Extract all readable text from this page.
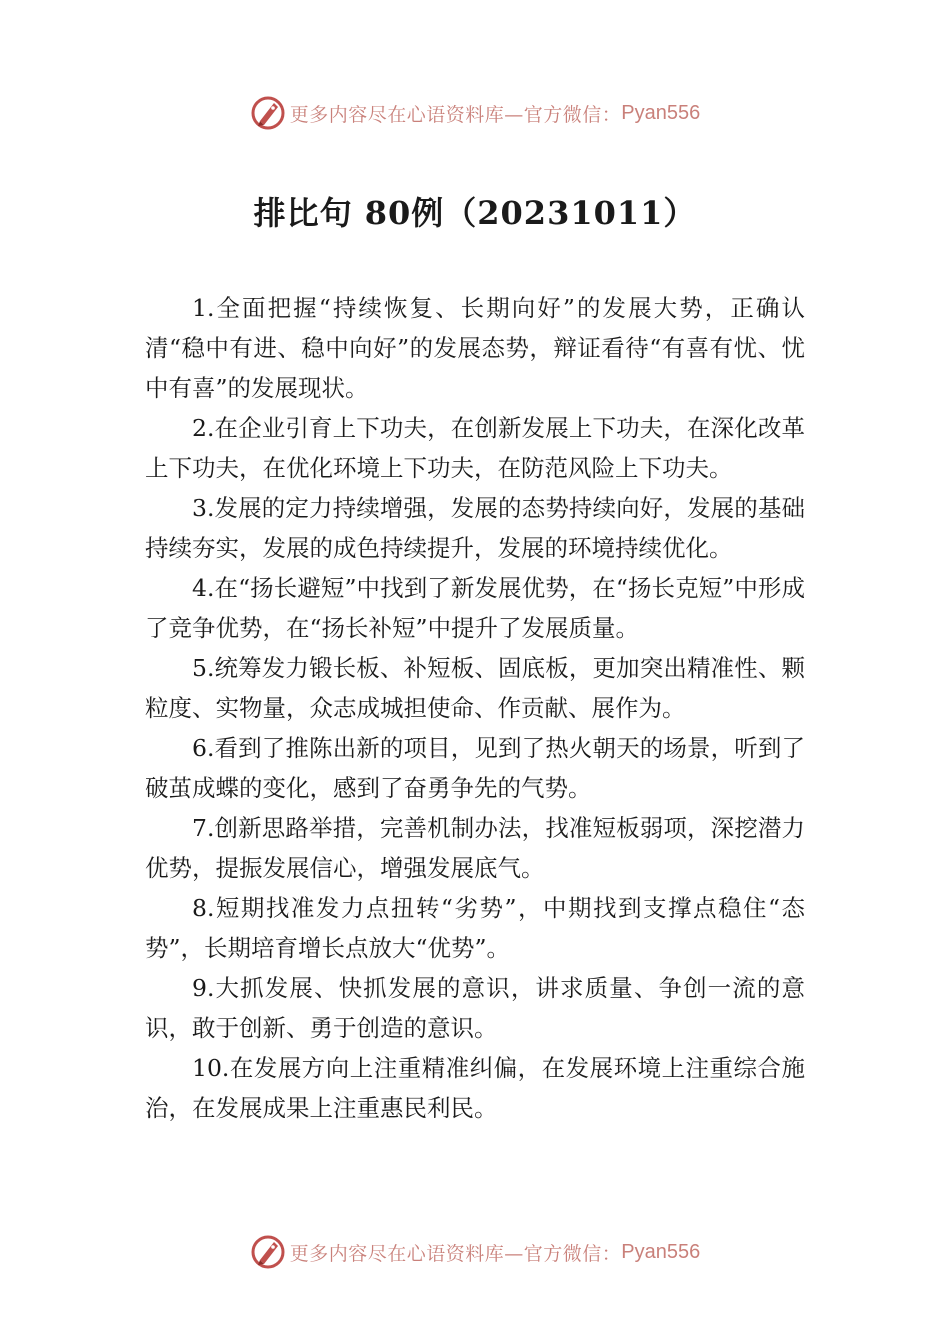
更多内容尽在心语资料库—官方微信： Pyan556
排比句 80例（20231011）

1.全面把握“持续恢复、长期向好”的发展大势，正确认清“稳中有进、稳中向好”的发展态势，辩证看待“有喜有忧、忧中有喜”的发展现状。

2.在企业引育上下功夫，在创新发展上下功夫，在深化改革上下功夫，在优化环境上下功夫，在防范风险上下功夫。

3.发展的定力持续增强，发展的态势持续向好，发展的基础持续夯实，发展的成色持续提升，发展的环境持续优化。

4.在“扬长避短”中找到了新发展优势，在“扬长克短”中形成了竞争优势，在“扬长补短”中提升了发展质量。

5.统筹发力锻长板、补短板、固底板，更加突出精准性、颗粒度、实物量，众志成城担使命、作贡献、展作为。

6.看到了推陈出新的项目，见到了热火朝天的场景，听到了破茧成蝶的变化，感到了奋勇争先的气势。

7.创新思路举措，完善机制办法，找准短板弱项，深挖潜力优势，提振发展信心，增强发展底气。

8.短期找准发力点扭转“劣势”，中期找到支撑点稳住“态势”，长期培育增长点放大“优势”。

9.大抓发展、快抓发展的意识，讲求质量、争创一流的意识，敢于创新、勇于创造的意识。

10.在发展方向上注重精准纠偏，在发展环境上注重综合施治，在发展成果上注重惠民利民。

更多内容尽在心语资料库—官方微信： Pyan556
